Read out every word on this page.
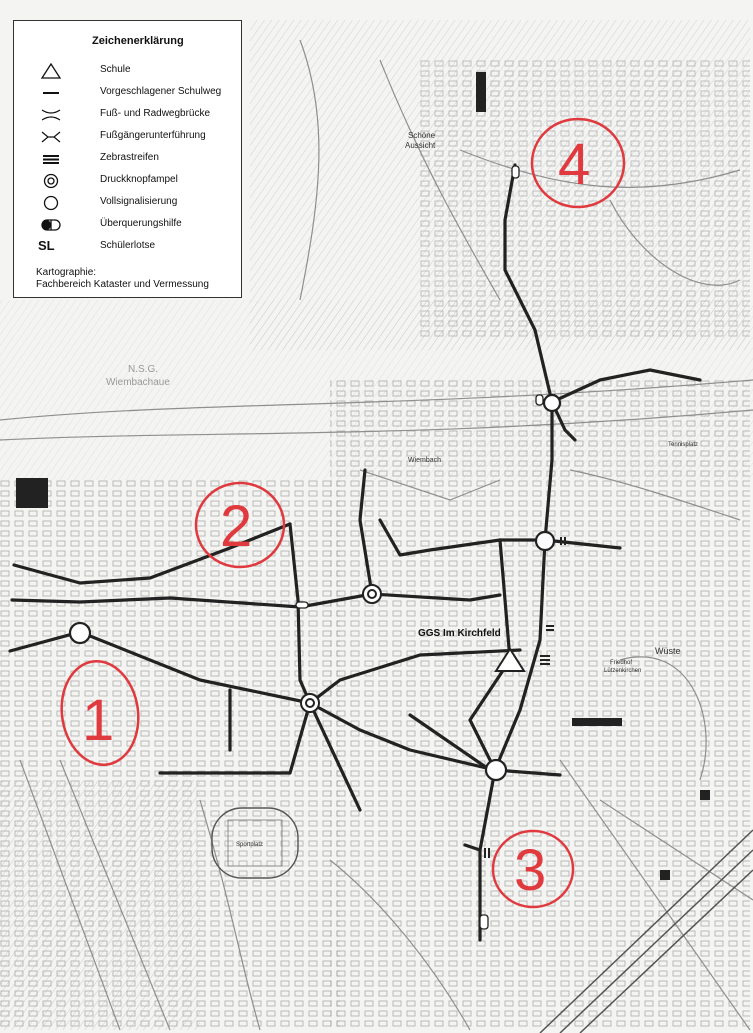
Schöne
Aussicht
N.S.G.
Wiembachaue
Wiembach
GGS Im Kirchfeld
Wüste
Friedhof
Lützenkirchen
Sportplatz
Tennisplatz
1
2
3
4
Zeichenerklärung
Schule
Vorgeschlagener Schulweg
Fuß- und Radwegbrücke
Fußgängerunterführung
Zebrastreifen
Druckknopfampel
Vollsignalisierung
Überquerungshilfe
SL	Schülerlotse
Kartographie:
Fachbereich Kataster und Vermessung
